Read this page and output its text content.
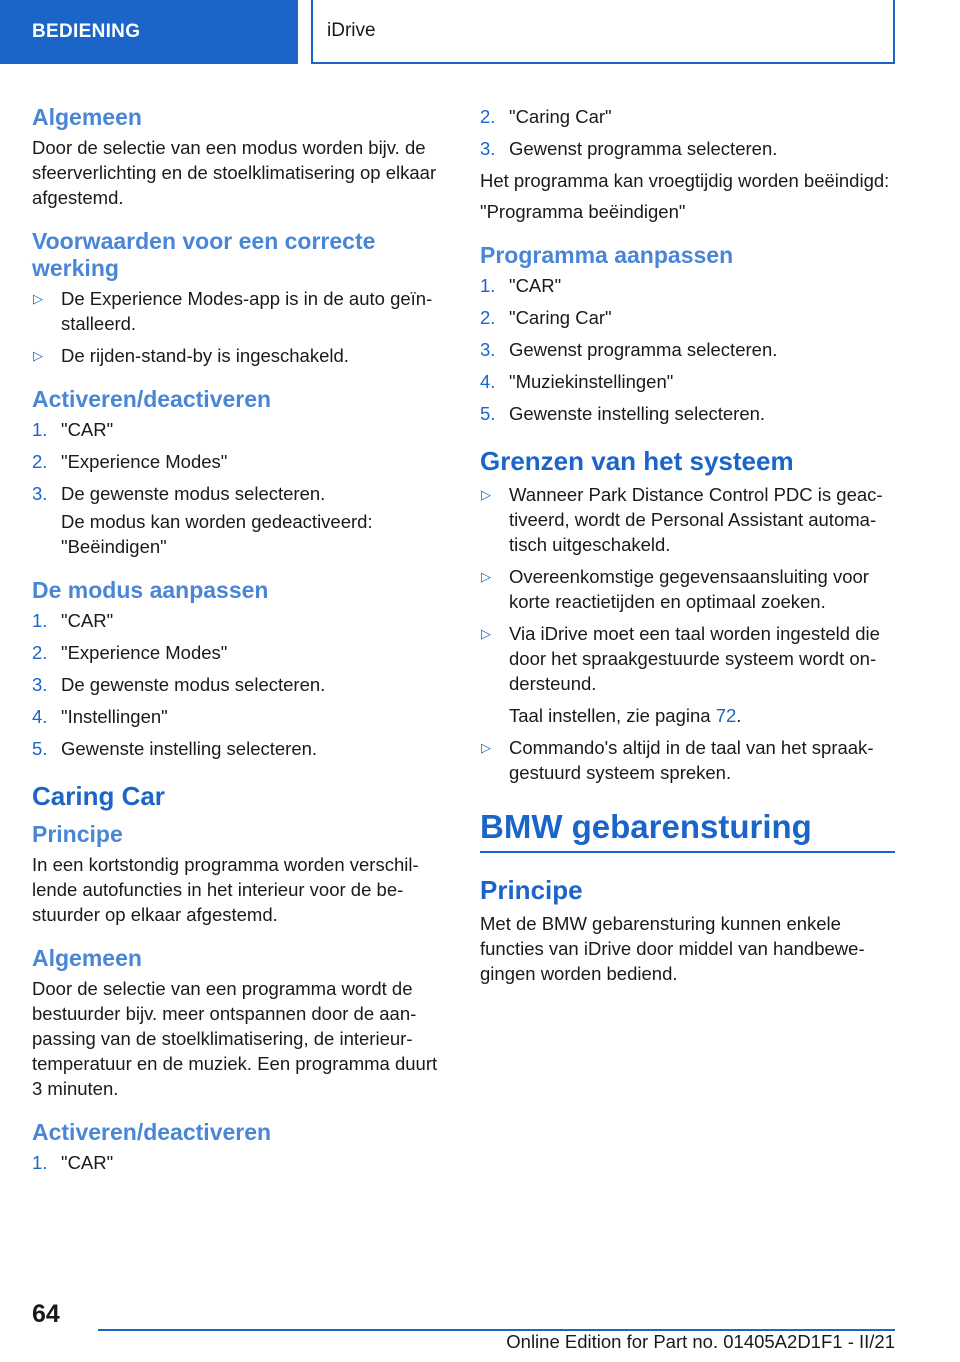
BEDIENING	iDrive
Algemeen

Door de selectie van een modus worden bijv. de sfeerverlichting en de stoelklimatisering op elkaar afgestemd.

Voorwaarden voor een correcte werking
▷ De Experience Modes-app is in de auto geïnstalleerd.
▷ De rijden-stand-by is ingeschakeld.
Activeren/deactiveren
1. "CAR"
2. "Experience Modes"
3. De gewenste modus selecteren.

De modus kan worden gedeactiveerd:

"Beëindigen"

De modus aanpassen
1. "CAR"
2. "Experience Modes"
3. De gewenste modus selecteren.
4. "Instellingen"
5. Gewenste instelling selecteren.
Caring Car
Principe

In een kortstondig programma worden verschillende autofuncties in het interieur voor de bestuurder op elkaar afgestemd.

Algemeen

Door de selectie van een programma wordt de bestuurder bijv. meer ontspannen door de aanpassing van de stoelklimatisering, de interieurtemperatuur en de muziek. Een programma duurt 3 minuten.

Activeren/deactiveren
1. "CAR"
2. "Caring Car"
3. Gewenst programma selecteren.

Het programma kan vroegtijdig worden beëindigd:

"Programma beëindigen"

Programma aanpassen
1. "CAR"
2. "Caring Car"
3. Gewenst programma selecteren.
4. "Muziekinstellingen"
5. Gewenste instelling selecteren.
Grenzen van het systeem
▷ Wanneer Park Distance Control PDC is geactiveerd, wordt de Personal Assistant automatisch uitgeschakeld.
▷ Overeenkomstige gegevensaansluiting voor korte reactietijden en optimaal zoeken.
▷ Via iDrive moet een taal worden ingesteld die door het spraakgestuurde systeem wordt ondersteund.
Taal instellen, zie pagina 72.
▷ Commando's altijd in de taal van het spraakgestuurd systeem spreken.
BMW gebarensturing
Principe

Met de BMW gebarensturing kunnen enkele functies van iDrive door middel van handbewegingen worden bediend.

64
Online Edition for Part no. 01405A2D1F1 - II/21
